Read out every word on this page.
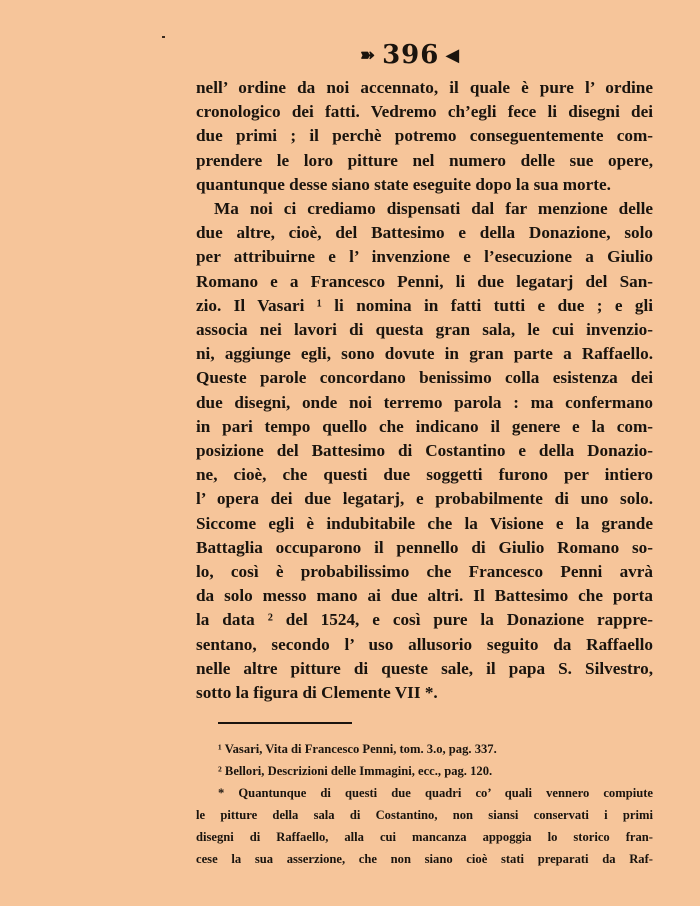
➽ 396 ◀
nell’ ordine da noi accennato, il quale è pure l’ ordine
cronologico dei fatti. Vedremo ch’egli fece li disegni dei
due primi ; il perchè potremo conseguentemente com-
prendere le loro pitture nel numero delle sue opere,
quantunque desse siano state eseguite dopo la sua morte.
Ma noi ci crediamo dispensati dal far menzione delle
due altre, cioè, del Battesimo e della Donazione, solo
per attribuirne e l’ invenzione e l’esecuzione a Giulio
Romano e a Francesco Penni, li due legatarj del San-
zio. Il Vasari ¹ li nomina in fatti tutti e due ; e gli
associa nei lavori di questa gran sala, le cui invenzio-
ni, aggiunge egli, sono dovute in gran parte a Raffaello.
Queste parole concordano benissimo colla esistenza dei
due disegni, onde noi terremo parola : ma confermano
in pari tempo quello che indicano il genere e la com-
posizione del Battesimo di Costantino e della Donazio-
ne, cioè, che questi due soggetti furono per intiero
l’ opera dei due legatarj, e probabilmente di uno solo.
Siccome egli è indubitabile che la Visione e la grande
Battaglia occuparono il pennello di Giulio Romano so-
lo, così è probabilissimo che Francesco Penni avrà
da solo messo mano ai due altri. Il Battesimo che porta
la data ² del 1524, e così pure la Donazione rappre-
sentano, secondo l’ uso allusorio seguito da Raffaello
nelle altre pitture di queste sale, il papa S. Silvestro,
sotto la figura di Clemente VII *.
¹ Vasari, Vita di Francesco Penni, tom. 3.o, pag. 337.
² Bellori, Descrizioni delle Immagini, ecc., pag. 120.
* Quantunque di questi due quadri co’ quali vennero compiute
le pitture della sala di Costantino, non siansi conservati i primi
disegni di Raffaello, alla cui mancanza appoggia lo storico fran-
cese la sua asserzione, che non siano cioè stati preparati da Raf-
